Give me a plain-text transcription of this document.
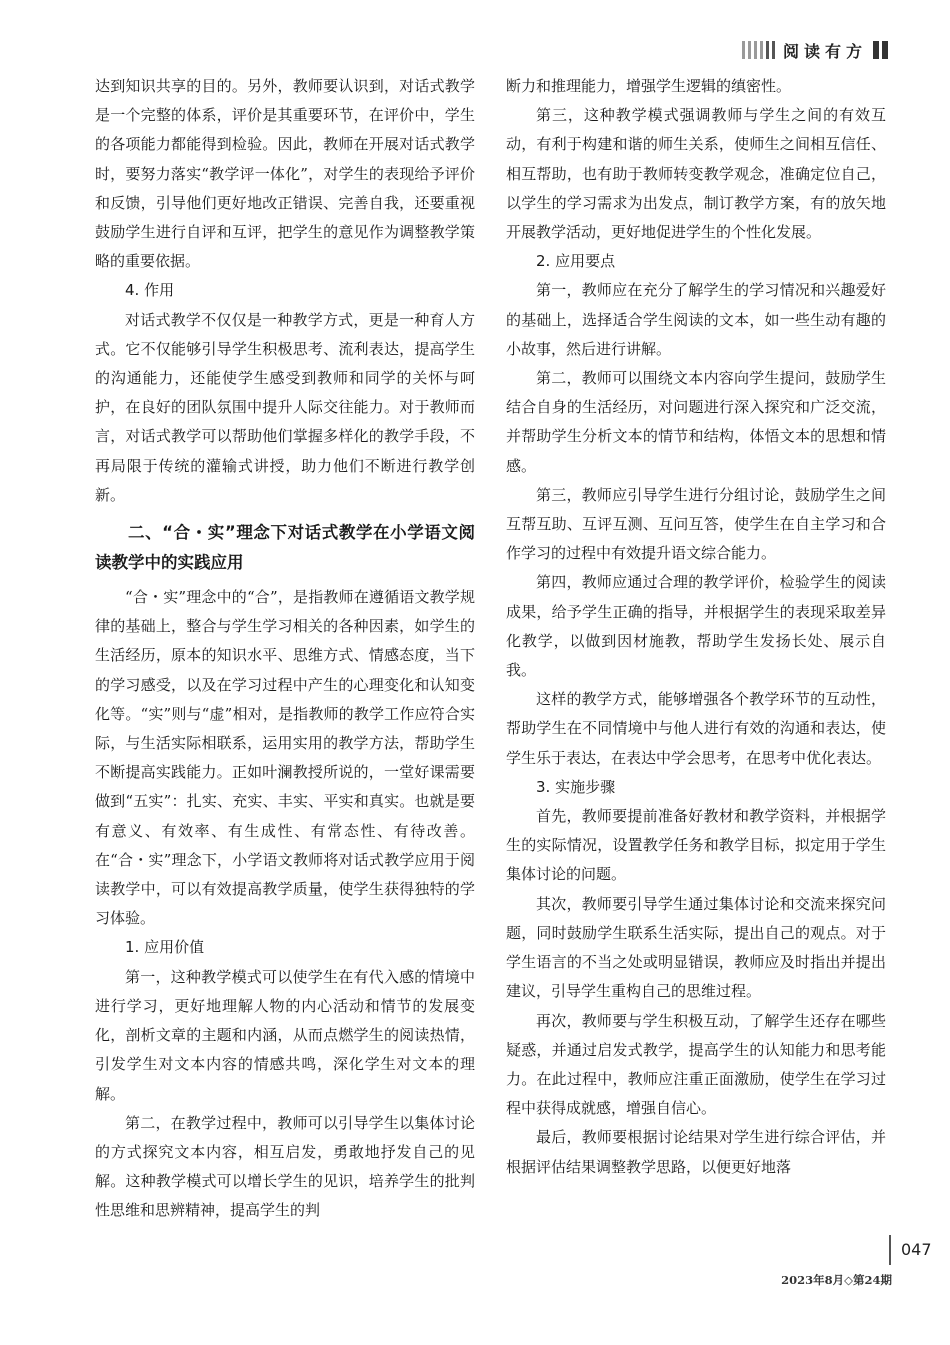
阅读有方

达到知识共享的目的。另外，教师要认识到，对话式教学是一个完整的体系，评价是其重要环节，在评价中，学生的各项能力都能得到检验。因此，教师在开展对话式教学时，要努力落实“教学评一体化”，对学生的表现给予评价和反馈，引导他们更好地改正错误、完善自我，还要重视鼓励学生进行自评和互评，把学生的意见作为调整教学策略的重要依据。

4. 作用

对话式教学不仅仅是一种教学方式，更是一种育人方式。它不仅能够引导学生积极思考、流利表达，提高学生的沟通能力，还能使学生感受到教师和同学的关怀与呵护，在良好的团队氛围中提升人际交往能力。对于教师而言，对话式教学可以帮助他们掌握多样化的教学手段，不再局限于传统的灌输式讲授，助力他们不断进行教学创新。

二、“合・实”理念下对话式教学在小学语文阅读教学中的实践应用

“合・实”理念中的“合”，是指教师在遵循语文教学规律的基础上，整合与学生学习相关的各种因素，如学生的生活经历，原本的知识水平、思维方式、情感态度，当下的学习感受，以及在学习过程中产生的心理变化和认知变化等。“实”则与“虚”相对，是指教师的教学工作应符合实际，与生活实际相联系，运用实用的教学方法，帮助学生不断提高实践能力。正如叶澜教授所说的，一堂好课需要做到“五实”：扎实、充实、丰实、平实和真实。也就是要有意义、有效率、有生成性、有常态性、有待改善。在“合・实”理念下，小学语文教师将对话式教学应用于阅读教学中，可以有效提高教学质量，使学生获得独特的学习体验。

1. 应用价值

第一，这种教学模式可以使学生在有代入感的情境中进行学习，更好地理解人物的内心活动和情节的发展变化，剖析文章的主题和内涵，从而点燃学生的阅读热情，引发学生对文本内容的情感共鸣，深化学生对文本的理解。

第二，在教学过程中，教师可以引导学生以集体讨论的方式探究文本内容，相互启发，勇敢地抒发自己的见解。这种教学模式可以增长学生的见识，培养学生的批判性思维和思辨精神，提高学生的判

断力和推理能力，增强学生逻辑的缜密性。

第三，这种教学模式强调教师与学生之间的有效互动，有利于构建和谐的师生关系，使师生之间相互信任、相互帮助，也有助于教师转变教学观念，准确定位自己，以学生的学习需求为出发点，制订教学方案，有的放矢地开展教学活动，更好地促进学生的个性化发展。

2. 应用要点

第一，教师应在充分了解学生的学习情况和兴趣爱好的基础上，选择适合学生阅读的文本，如一些生动有趣的小故事，然后进行讲解。

第二，教师可以围绕文本内容向学生提问，鼓励学生结合自身的生活经历，对问题进行深入探究和广泛交流，并帮助学生分析文本的情节和结构，体悟文本的思想和情感。

第三，教师应引导学生进行分组讨论，鼓励学生之间互帮互助、互评互测、互问互答，使学生在自主学习和合作学习的过程中有效提升语文综合能力。

第四，教师应通过合理的教学评价，检验学生的阅读成果，给予学生正确的指导，并根据学生的表现采取差异化教学，以做到因材施教，帮助学生发扬长处、展示自我。

这样的教学方式，能够增强各个教学环节的互动性，帮助学生在不同情境中与他人进行有效的沟通和表达，使学生乐于表达，在表达中学会思考，在思考中优化表达。

3. 实施步骤

首先，教师要提前准备好教材和教学资料，并根据学生的实际情况，设置教学任务和教学目标，拟定用于学生集体讨论的问题。

其次，教师要引导学生通过集体讨论和交流来探究问题，同时鼓励学生联系生活实际，提出自己的观点。对于学生语言的不当之处或明显错误，教师应及时指出并提出建议，引导学生重构自己的思维过程。

再次，教师要与学生积极互动，了解学生还存在哪些疑惑，并通过启发式教学，提高学生的认知能力和思考能力。在此过程中，教师应注重正面激励，使学生在学习过程中获得成就感，增强自信心。

最后，教师要根据讨论结果对学生进行综合评估，并根据评估结果调整教学思路，以便更好地落

047
2023年8月◇第24期
